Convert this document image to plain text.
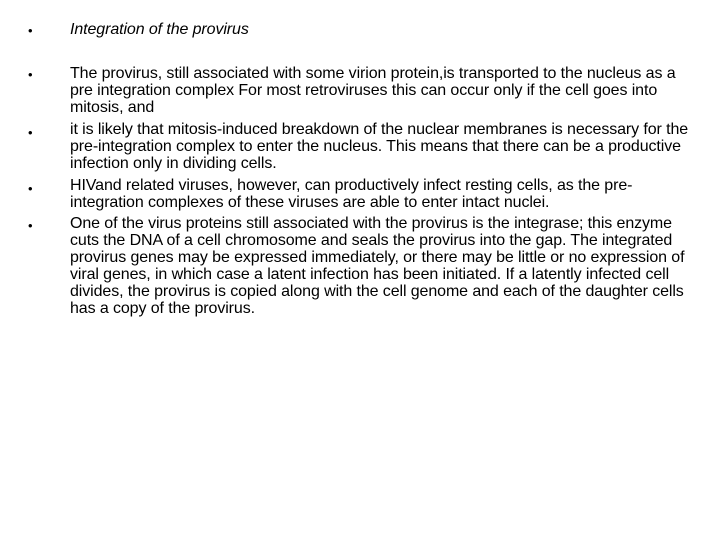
• Integration of the provirus
• The provirus, still associated with some virion protein,is transported to the nucleus as a pre integration complex For most retroviruses this can occur only if the cell goes into mitosis, and
• it is likely that mitosis-induced breakdown of the nuclear membranes is necessary for the pre-integration complex to enter the nucleus. This means that there can be a productive infection only in dividing cells.
• HIVand related viruses, however, can productively infect resting cells, as the pre-integration complexes of these viruses are able to enter intact nuclei.
• One of the virus proteins still associated with the provirus is the integrase; this enzyme cuts the DNA of a cell chromosome and seals the provirus into the gap. The integrated provirus genes may be expressed immediately, or there may be little or no expression of viral genes, in which case a latent infection has been initiated. If a latently infected cell divides, the provirus is copied along with the cell genome and each of the daughter cells has a copy of the provirus.
